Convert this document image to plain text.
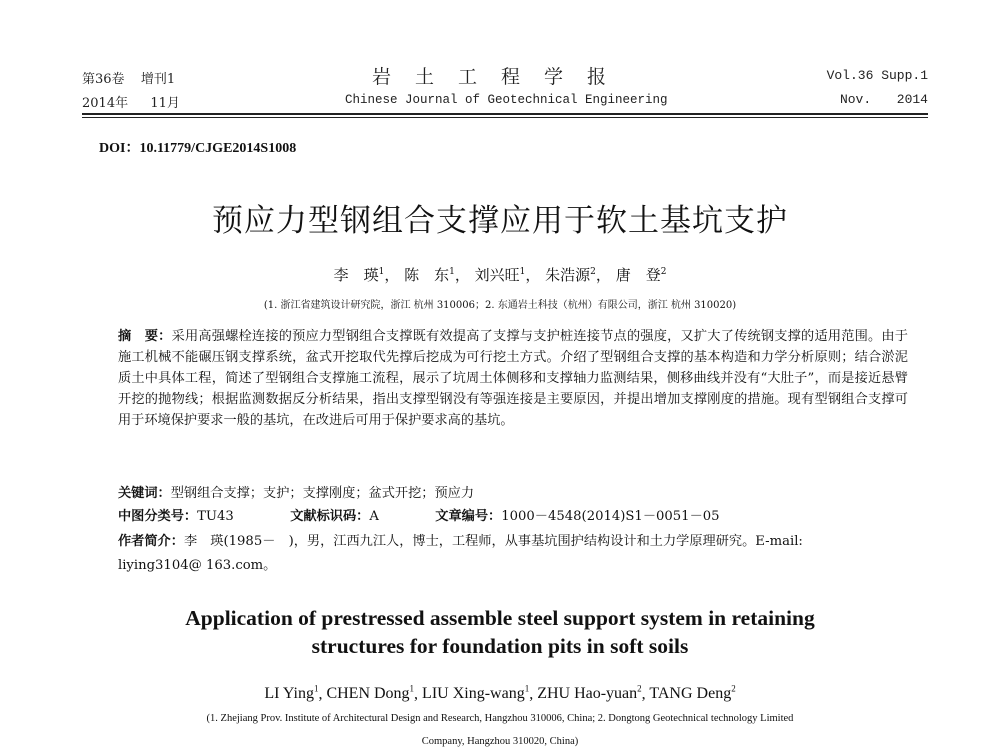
第36卷 增刊1
2014年 11月
岩土工程学报
Chinese Journal of Geotechnical Engineering
Vol.36 Supp.1
Nov. 2014
DOI：10.11779/CJGE2014S1008
预应力型钢组合支撑应用于软土基坑支护
李　瑛$^1$， 陈　东$^1$， 刘兴旺$^1$， 朱浩源$^2$， 唐　登$^2$
(1. 浙江省建筑设计研究院，浙江 杭州 310006；2. 东通岩土科技（杭州）有限公司，浙江 杭州 310020)
摘　要：采用高强螺栓连接的预应力型钢组合支撑既有效提高了支撑与支护桩连接节点的强度，又扩大了传统钢支撑的适用范围。由于施工机械不能碾压钢支撑系统，盆式开挖取代先撑后挖成为可行挖土方式。介绍了型钢组合支撑的基本构造和力学分析原则；结合淤泥质土中具体工程，简述了型钢组合支撑施工流程，展示了坑周土体侧移和支撑轴力监测结果，侧移曲线并没有“大肚子”，而是接近悬臂开挖的抛物线；根据监测数据反分析结果，指出支撑型钢没有等强连接是主要原因，并提出增加支撑刚度的措施。现有型钢组合支撑可用于环境保护要求一般的基坑，在改进后可用于保护要求高的基坑。
关键词：型钢组合支撑；支护；支撑刚度；盆式开挖；预应力
中图分类号：TU43	文献标识码：A	文章编号：1000－4548(2014)S1－0051－05
作者简介：李　瑛(1985－　)，男，江西九江人，博士，工程师，从事基坑围护结构设计和土力学原理研究。E-mail:
liying3104@ 163.com。
Application of prestressed assemble steel support system in retaining
structures for foundation pits in soft soils
LI Ying$^1$, CHEN Dong$^1$, LIU Xing-wang$^1$, ZHU Hao-yuan$^2$, TANG Deng$^2$
(1. Zhejiang Prov. Institute of Architectural Design and Research, Hangzhou 310006, China; 2. Dongtong Geotechnical technology Limited
Company, Hangzhou 310020, China)
